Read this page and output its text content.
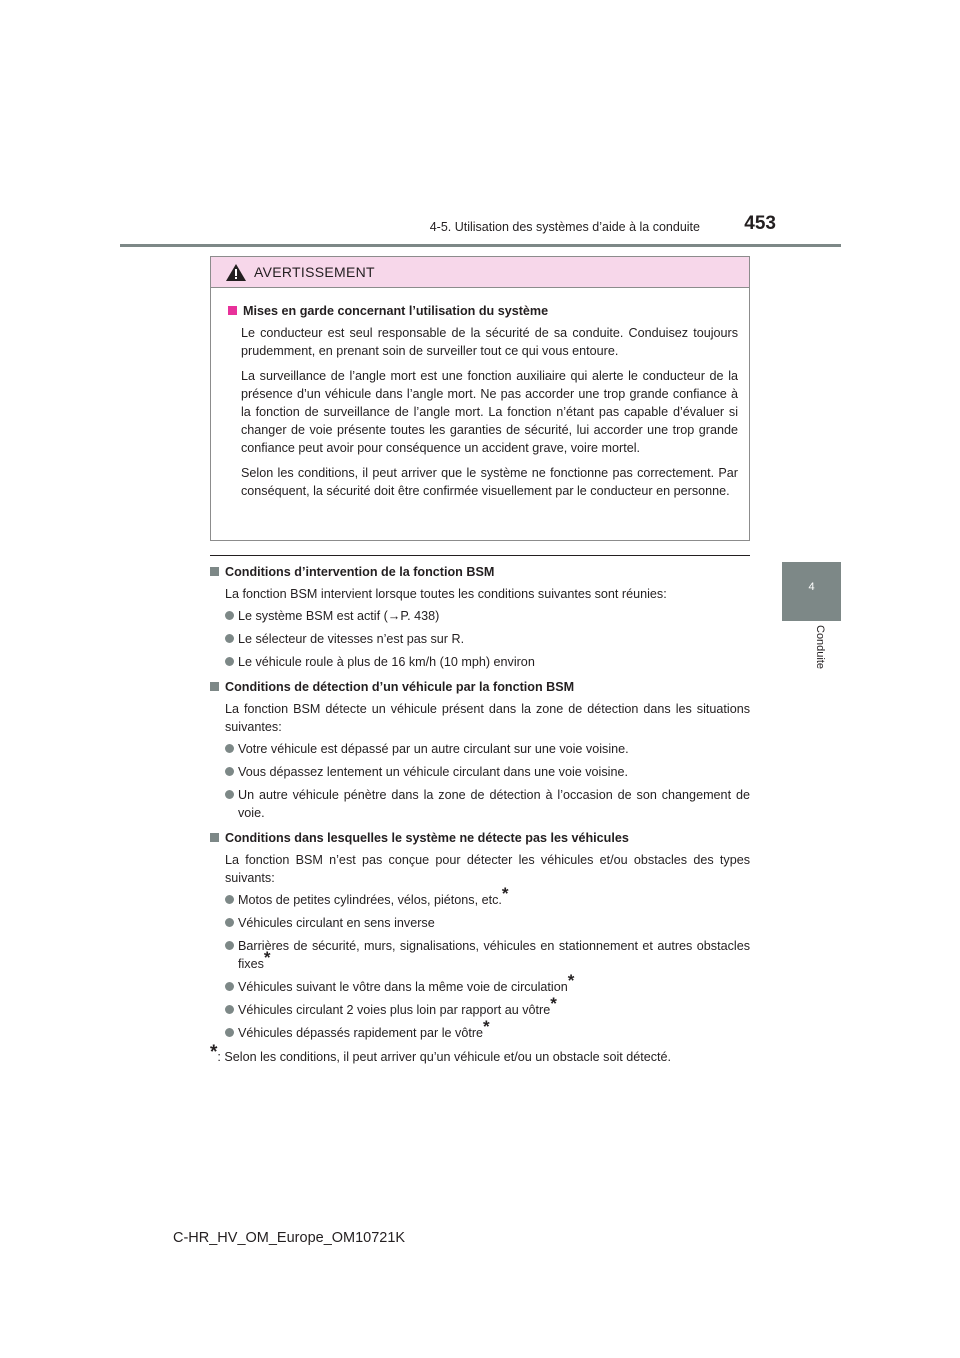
4-5. Utilisation des systèmes d’aide à la conduite	453
4
Conduite
AVERTISSEMENT
Mises en garde concernant l’utilisation du système

Le conducteur est seul responsable de la sécurité de sa conduite. Conduisez toujours prudemment, en prenant soin de surveiller tout ce qui vous entoure.

La surveillance de l’angle mort est une fonction auxiliaire qui alerte le conducteur de la présence d’un véhicule dans l’angle mort. Ne pas accorder une trop grande confiance à la fonction de surveillance de l’angle mort. La fonction n’étant pas capable d’évaluer si changer de voie présente toutes les garanties de sécurité, lui accorder une trop grande confiance peut avoir pour conséquence un accident grave, voire mortel.

Selon les conditions, il peut arriver que le système ne fonctionne pas correctement. Par conséquent, la sécurité doit être confirmée visuellement par le conducteur en personne.

Conditions d’intervention de la fonction BSM

La fonction BSM intervient lorsque toutes les conditions suivantes sont réunies:

Le système BSM est actif (→P. 438)
Le sélecteur de vitesses n’est pas sur R.
Le véhicule roule à plus de 16 km/h (10 mph) environ
Conditions de détection d’un véhicule par la fonction BSM

La fonction BSM détecte un véhicule présent dans la zone de détection dans les situations suivantes:

Votre véhicule est dépassé par un autre circulant sur une voie voisine.
Vous dépassez lentement un véhicule circulant dans une voie voisine.
Un autre véhicule pénètre dans la zone de détection à l’occasion de son changement de voie.
Conditions dans lesquelles le système ne détecte pas les véhicules

La fonction BSM n’est pas conçue pour détecter les véhicules et/ou obstacles des types suivants:

Motos de petites cylindrées, vélos, piétons, etc.*
Véhicules circulant en sens inverse
Barrières de sécurité, murs, signalisations, véhicules en stationnement et autres obstacles fixes*
Véhicules suivant le vôtre dans la même voie de circulation*
Véhicules circulant 2 voies plus loin par rapport au vôtre*
Véhicules dépassés rapidement par le vôtre*

*: Selon les conditions, il peut arriver qu’un véhicule et/ou un obstacle soit détecté.

C-HR_HV_OM_Europe_OM10721K
